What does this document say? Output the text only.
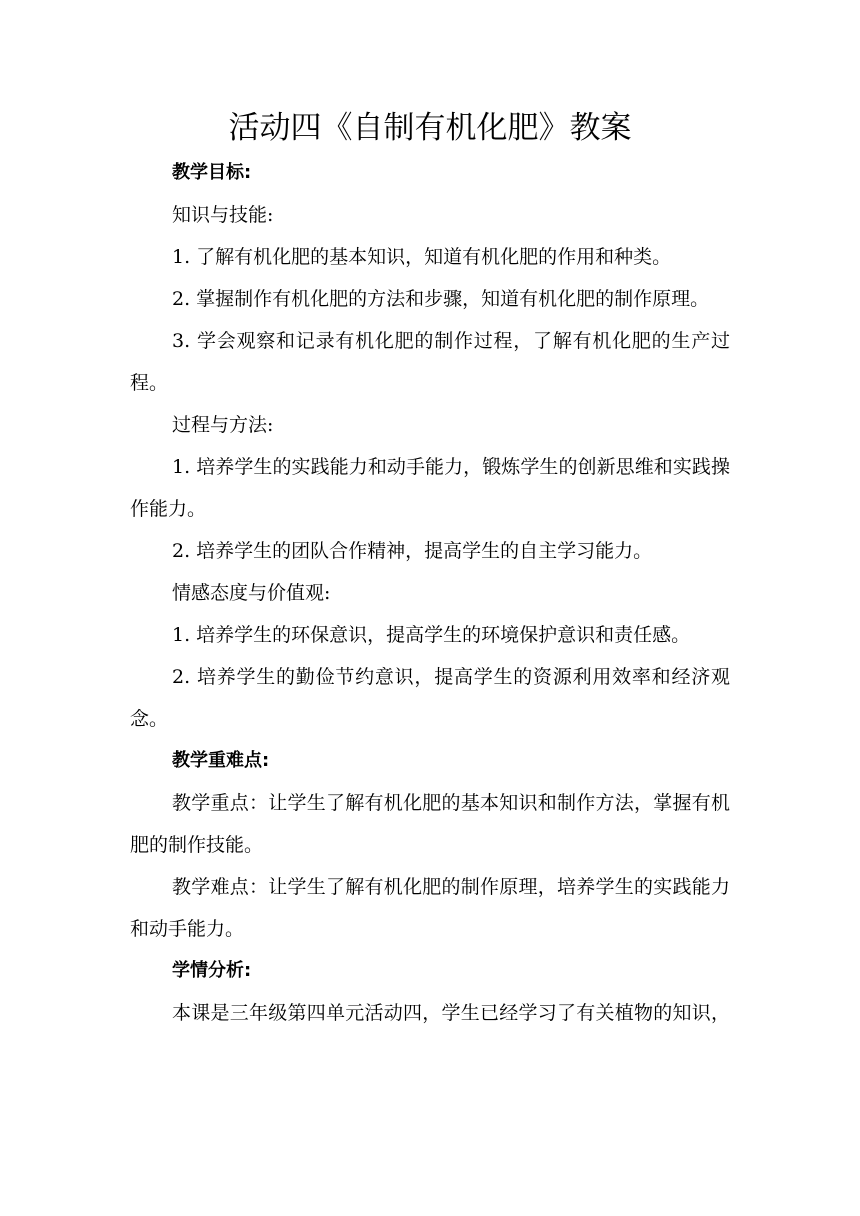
活动四《自制有机化肥》教案

教学目标:

知识与技能:

1. 了解有机化肥的基本知识，知道有机化肥的作用和种类。

2. 掌握制作有机化肥的方法和步骤，知道有机化肥的制作原理。

3. 学会观察和记录有机化肥的制作过程，了解有机化肥的生产过程。

过程与方法:

1. 培养学生的实践能力和动手能力，锻炼学生的创新思维和实践操作能力。

2. 培养学生的团队合作精神，提高学生的自主学习能力。

情感态度与价值观:

1. 培养学生的环保意识，提高学生的环境保护意识和责任感。

2. 培养学生的勤俭节约意识，提高学生的资源利用效率和经济观念。

教学重难点:

教学重点：让学生了解有机化肥的基本知识和制作方法，掌握有机肥的制作技能。

教学难点：让学生了解有机化肥的制作原理，培养学生的实践能力和动手能力。

学情分析:

本课是三年级第四单元活动四，学生已经学习了有关植物的知识，
